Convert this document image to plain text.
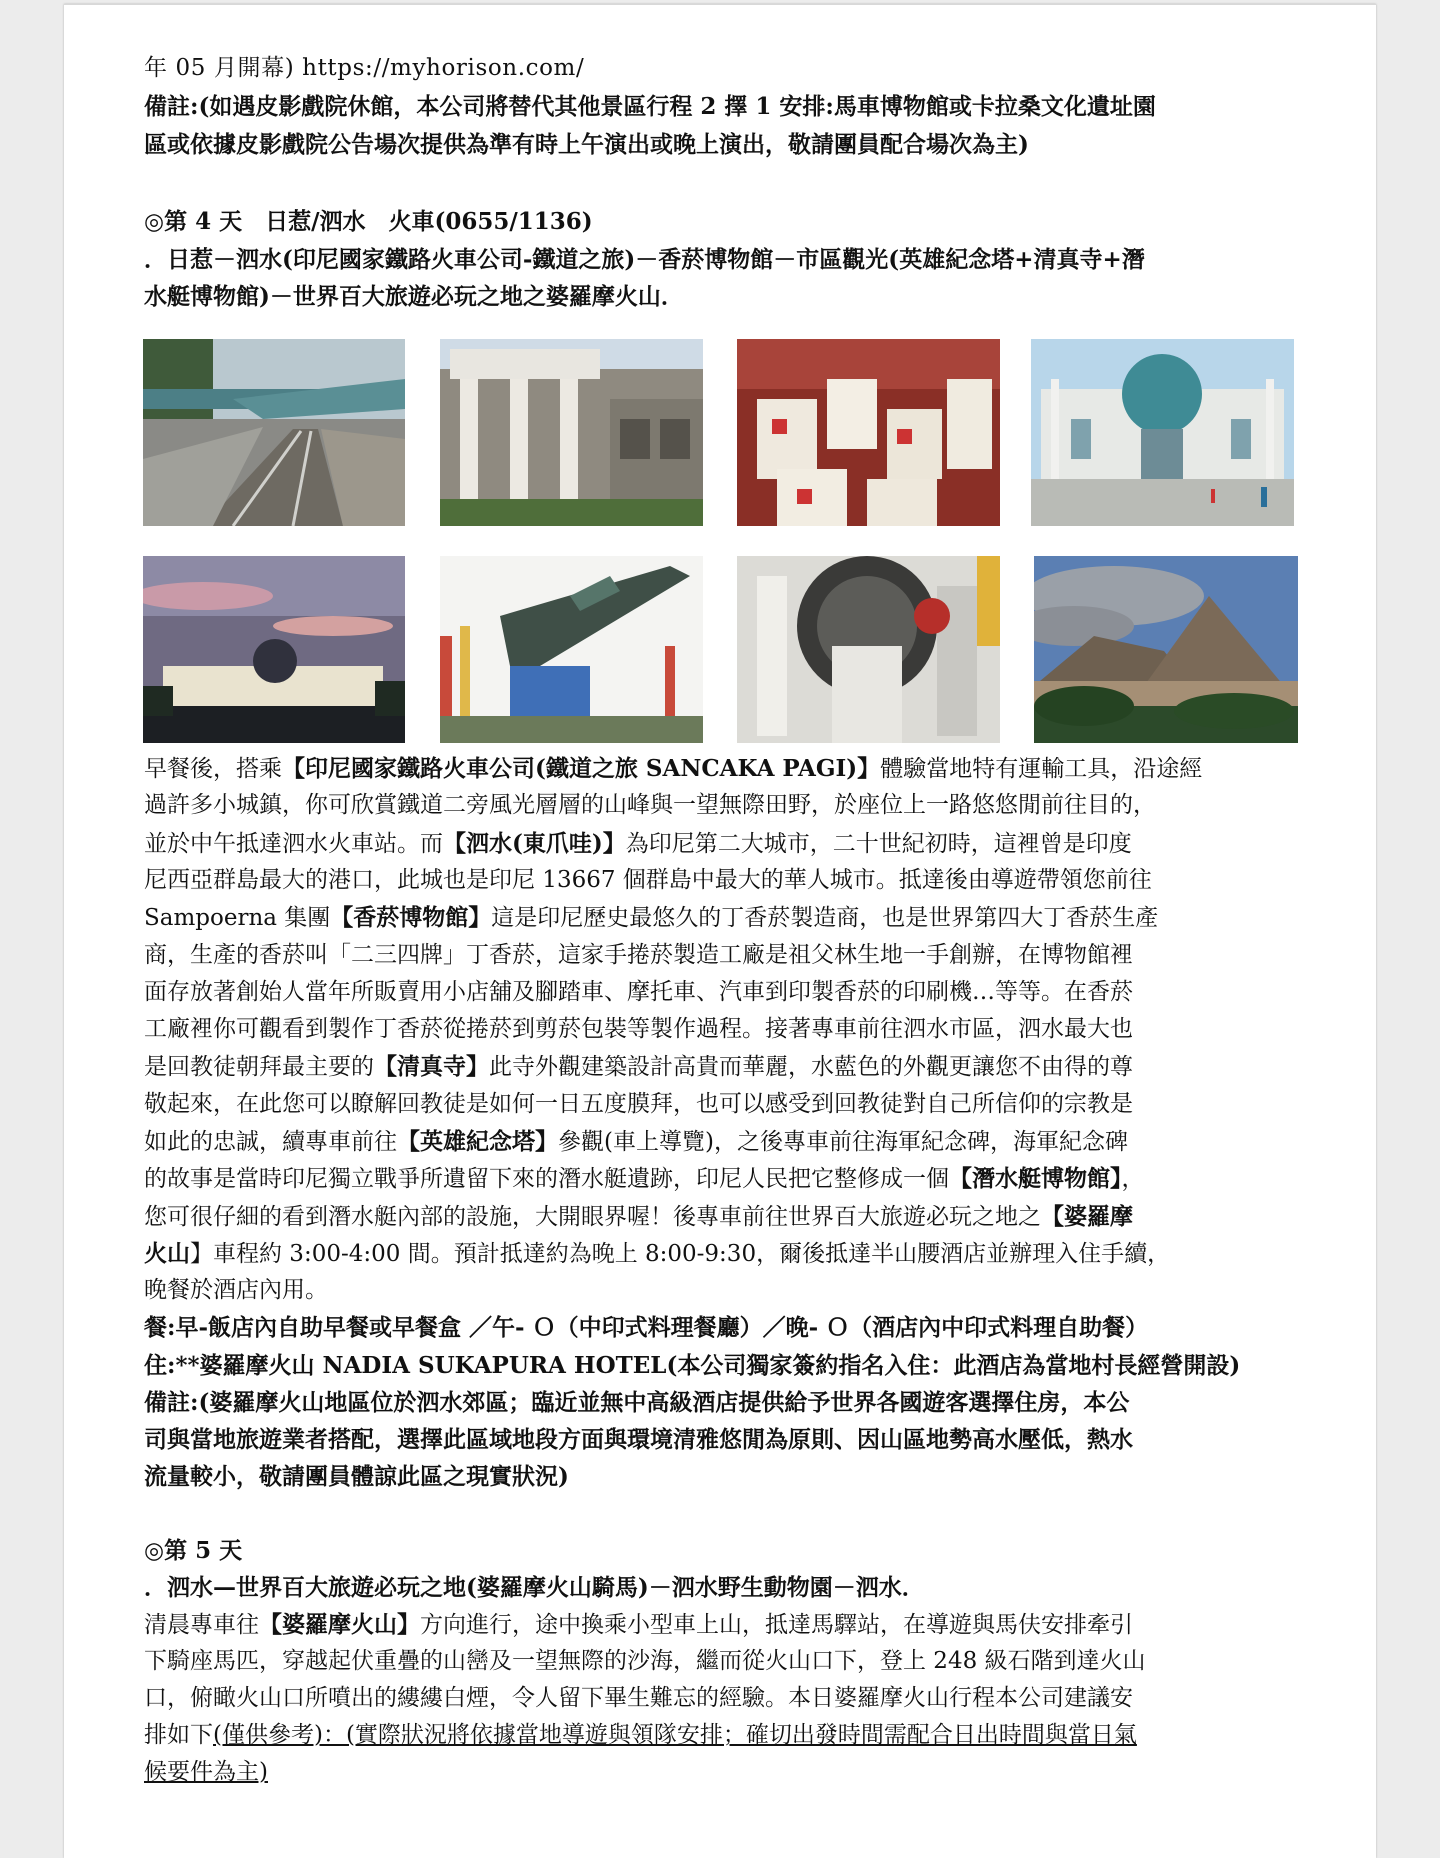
年 05 月開幕) https://myhorison.com/
備註:(如遇皮影戲院休館，本公司將替代其他景區行程 2 擇 1 安排:馬車博物館或卡拉桑文化遺址園
區或依據皮影戲院公告場次提供為準有時上午演出或晚上演出，敬請團員配合場次為主)
◎第 4 天　日惹/泗水　火車(0655/1136)
．日惹－泗水(印尼國家鐵路火車公司-鐵道之旅)－香菸博物館－市區觀光(英雄紀念塔+清真寺+潛
水艇博物館)－世界百大旅遊必玩之地之婆羅摩火山．
早餐後，搭乘【印尼國家鐵路火車公司(鐵道之旅 SANCAKA PAGI)】體驗當地特有運輸工具，沿途經
過許多小城鎮，你可欣賞鐵道二旁風光層層的山峰與一望無際田野，於座位上一路悠悠閒前往目的，
並於中午抵達泗水火車站。而【泗水(東爪哇)】為印尼第二大城市，二十世紀初時，這裡曾是印度
尼西亞群島最大的港口，此城也是印尼 13667 個群島中最大的華人城市。抵達後由導遊帶領您前往
Sampoerna 集團【香菸博物館】這是印尼歷史最悠久的丁香菸製造商，也是世界第四大丁香菸生產
商，生產的香菸叫「二三四牌」丁香菸，這家手捲菸製造工廠是祖父林生地一手創辦，在博物館裡
面存放著創始人當年所販賣用小店舖及腳踏車、摩托車、汽車到印製香菸的印刷機…等等。在香菸
工廠裡你可觀看到製作丁香菸從捲菸到剪菸包裝等製作過程。接著專車前往泗水市區，泗水最大也
是回教徒朝拜最主要的【清真寺】此寺外觀建築設計高貴而華麗，水藍色的外觀更讓您不由得的尊
敬起來，在此您可以瞭解回教徒是如何一日五度膜拜，也可以感受到回教徒對自己所信仰的宗教是
如此的忠誠，續專車前往【英雄紀念塔】參觀(車上導覽)，之後專車前往海軍紀念碑，海軍紀念碑
的故事是當時印尼獨立戰爭所遺留下來的潛水艇遺跡，印尼人民把它整修成一個【潛水艇博物館】，
您可很仔細的看到潛水艇內部的設施，大開眼界喔！後專車前往世界百大旅遊必玩之地之【婆羅摩
火山】車程約 3:00-4:00 間。預計抵達約為晚上 8:00-9:30，爾後抵達半山腰酒店並辦理入住手續，
晚餐於酒店內用。
餐:早-飯店內自助早餐或早餐盒 ／午- Ｏ（中印式料理餐廳）／晚- Ｏ（酒店內中印式料理自助餐）
住:**婆羅摩火山 NADIA SUKAPURA HOTEL(本公司獨家簽約指名入住：此酒店為當地村長經營開設)
備註:(婆羅摩火山地區位於泗水郊區；臨近並無中高級酒店提供給予世界各國遊客選擇住房，本公
司與當地旅遊業者搭配，選擇此區域地段方面與環境清雅悠閒為原則、因山區地勢高水壓低，熱水
流量較小，敬請團員體諒此區之現實狀況)
◎第 5 天
．泗水—世界百大旅遊必玩之地(婆羅摩火山騎馬)－泗水野生動物園－泗水．
清晨專車往【婆羅摩火山】方向進行，途中換乘小型車上山，抵達馬驛站，在導遊與馬伕安排牽引
下騎座馬匹，穿越起伏重疊的山巒及一望無際的沙海，繼而從火山口下，登上 248 級石階到達火山
口，俯瞰火山口所噴出的縷縷白煙，令人留下畢生難忘的經驗。本日婆羅摩火山行程本公司建議安
排如下(僅供參考)：(實際狀況將依據當地導遊與領隊安排；確切出發時間需配合日出時間與當日氣
候要件為主)
